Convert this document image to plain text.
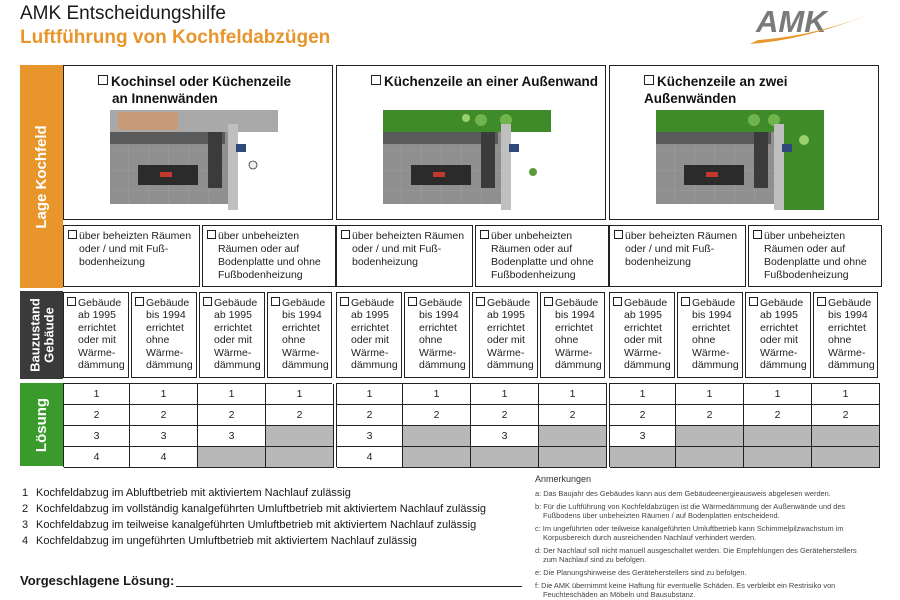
AMK Entscheidungshilfe
Luftführung von Kochfeldabzügen	AMK
Lage Kochfeld
Bauzustand
Gebäude
Lösung
Kochinsel oder Küchenzeile
an Innenwänden
über beheizten Räumen
oder / und mit Fuß-
bodenheizung
über unbeheizten
Räumen oder auf
Bodenplatte und ohne
Fußbodenheizung
Gebäude
ab 1995
errichtet
oder mit
Wärme-
dämmung
Gebäude
bis 1994
errichtet
ohne
Wärme-
dämmung
Gebäude
ab 1995
errichtet
oder mit
Wärme-
dämmung
Gebäude
bis 1994
errichtet
ohne
Wärme-
dämmung
1
2
3
4
1
2
3
4
1
2
3
1
2
Küchenzeile an einer Außenwand
über beheizten Räumen
oder / und mit Fuß-
bodenheizung
über unbeheizten
Räumen oder auf
Bodenplatte und ohne
Fußbodenheizung
Gebäude
ab 1995
errichtet
oder mit
Wärme-
dämmung
Gebäude
bis 1994
errichtet
ohne
Wärme-
dämmung
Gebäude
ab 1995
errichtet
oder mit
Wärme-
dämmung
Gebäude
bis 1994
errichtet
ohne
Wärme-
dämmung
1
2
3
4
1
2
1
2
3
1
2
Küchenzeile an zwei Außenwänden
über beheizten Räumen
oder / und mit Fuß-
bodenheizung
über unbeheizten
Räumen oder auf
Bodenplatte und ohne
Fußbodenheizung
Gebäude
ab 1995
errichtet
oder mit
Wärme-
dämmung
Gebäude
bis 1994
errichtet
ohne
Wärme-
dämmung
Gebäude
ab 1995
errichtet
oder mit
Wärme-
dämmung
Gebäude
bis 1994
errichtet
ohne
Wärme-
dämmung
1
2
3
1
2
1
2
1
2
1 Kochfeldabzug im Abluftbetrieb mit aktiviertem Nachlauf zulässig
2 Kochfeldabzug im vollständig kanalgeführten Umluftbetrieb mit aktiviertem Nachlauf zulässig
3 Kochfeldabzug im teilweise kanalgeführten Umluftbetrieb mit aktiviertem Nachlauf zulässig
4 Kochfeldabzug im ungeführten Umluftbetrieb mit aktiviertem Nachlauf zulässig
Vorgeschlagene Lösung:
Anmerkungen
a: Das Baujahr des Gebäudes kann aus dem Gebäudeenergieausweis abgelesen werden.
b: Für die Luftführung von Kochfeldabzügen ist die Wärmedämmung der Außenwände und des
Fußbodens über unbeheizten Räumen / auf Bodenplatten entscheidend.
c: Im ungeführten oder teilweise kanalgeführten Umluftbetrieb kann Schimmelpilzwachstum im
Korpusbereich durch ausreichenden Nachlauf verhindert werden.
d: Der Nachlauf soll nicht manuell ausgeschaltet werden. Die Empfehlungen des Geräteherstellers
zum Nachlauf sind zu befolgen.
e: Die Planungshinweise des Geräteherstellers sind zu befolgen.
f: Die AMK übernimmt keine Haftung für eventuelle Schäden. Es verbleibt ein Restrisiko von
Feuchteschäden an Möbeln und Bausubstanz.
